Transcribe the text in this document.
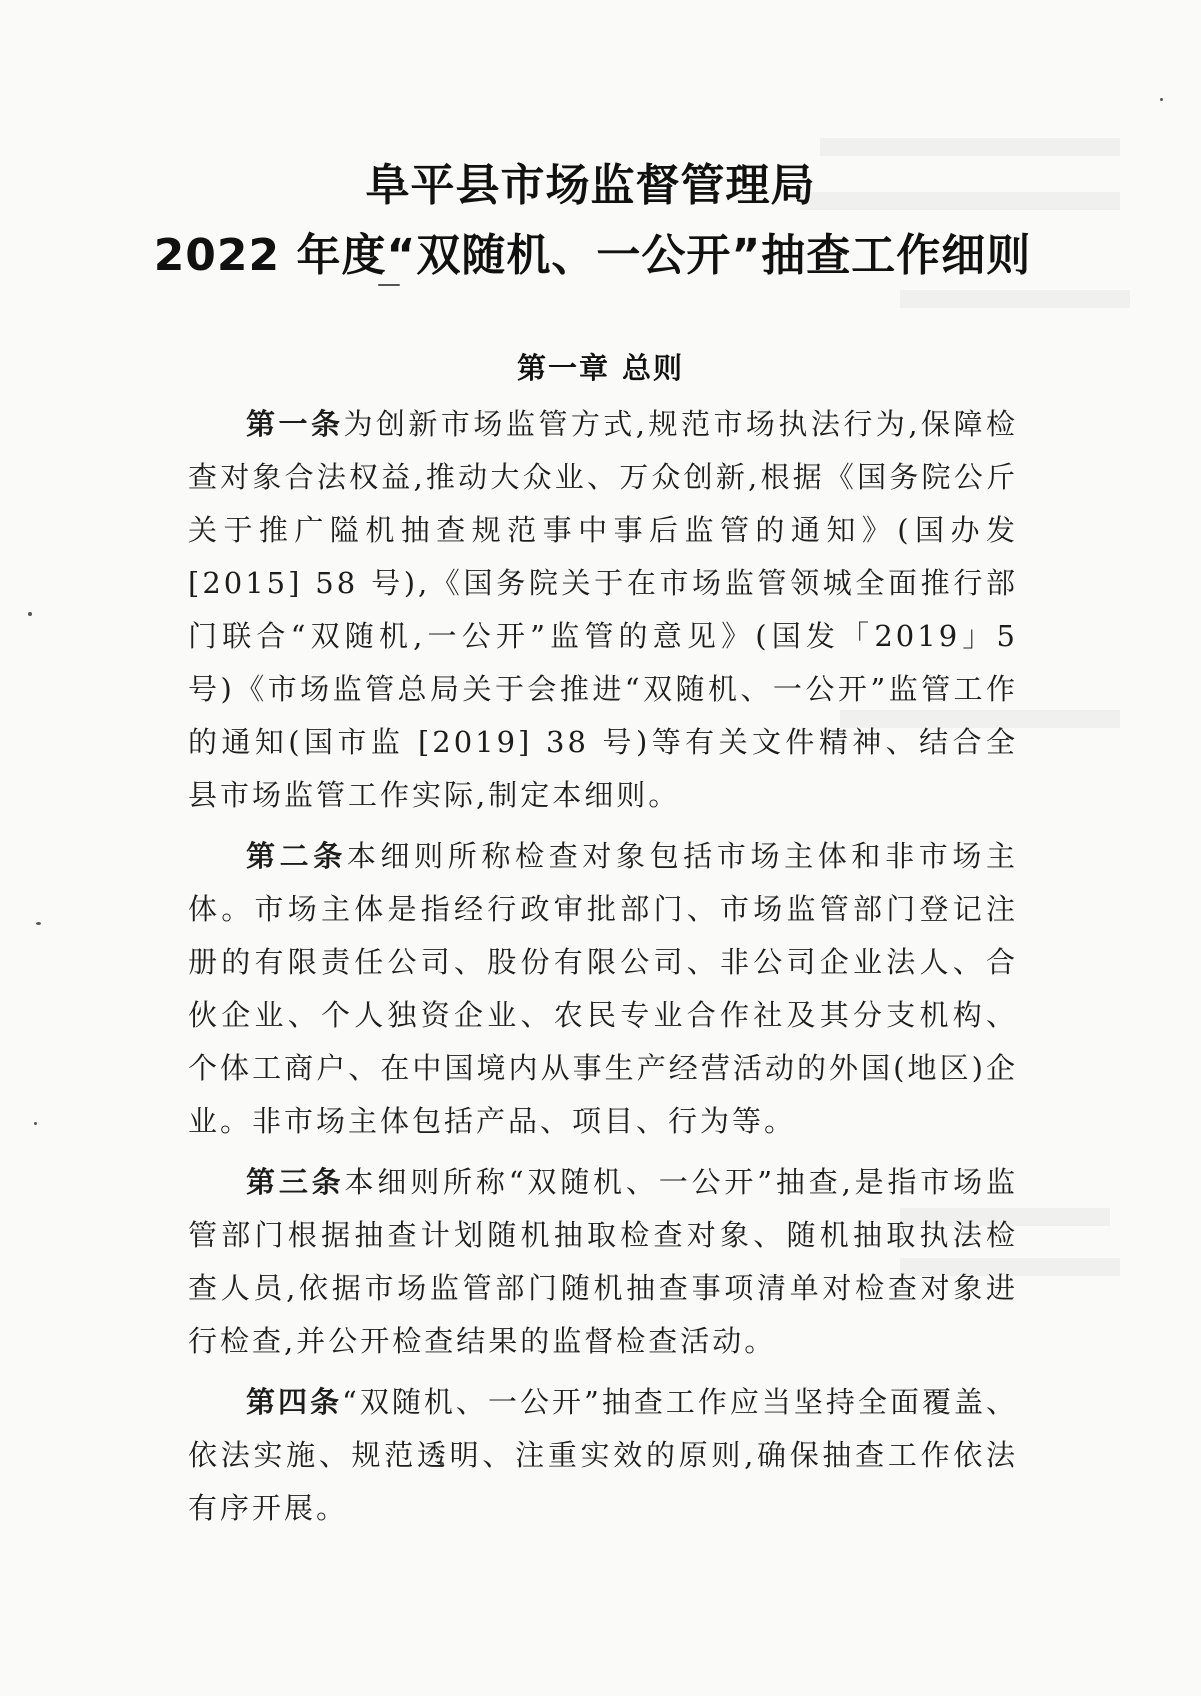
阜平县市场监督管理局
2022 年度“双随机、一公开”抽查工作细则
第一章 总则

第一条为创新市场监管方式,规范市场执法行为,保障检查对象合法权益,推动大众业、万众创新,根据《国务院公斤关于推广隘机抽查规范事中事后监管的通知》(国办发[2015] 58 号),《国务院关于在市场监管领城全面推行部门联合“双随机,一公开”监管的意见》(国发「2019」5 号)《市场监管总局关于会推进“双随机、一公开”监管工作的通知(国市监 [2019] 38 号)等有关文件精神、结合全县市场监管工作实际,制定本细则。

第二条本细则所称检查对象包括市场主体和非市场主体。市场主体是指经行政审批部门、市场监管部门登记注册的有限责任公司、股份有限公司、非公司企业法人、合伙企业、个人独资企业、农民专业合作社及其分支机构、个体工商户、在中国境内从事生产经营活动的外国(地区)企业。非市场主体包括产品、项目、行为等。

第三条本细则所称“双随机、一公开”抽查,是指市场监管部门根据抽查计划随机抽取检查对象、随机抽取执法检查人员,依据市场监管部门随机抽查事项清单对检查对象进行检查,并公开检查结果的监督检查活动。

第四条“双随机、一公开”抽查工作应当坚持全面覆盖、依法实施、规范透明、注重实效的原则,确保抽查工作依法有序开展。
